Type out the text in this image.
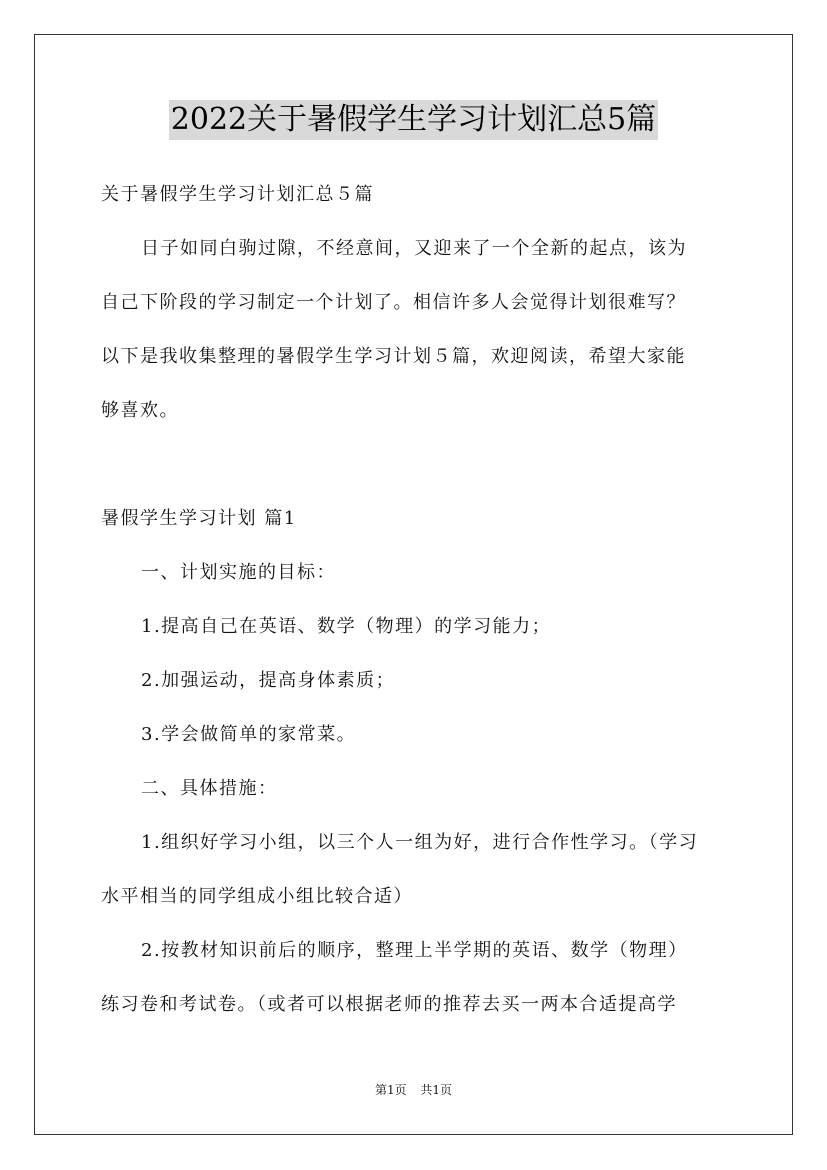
2022关于暑假学生学习计划汇总5篇
关于暑假学生学习计划汇总５篇
日子如同白驹过隙，不经意间，又迎来了一个全新的起点，该为
自己下阶段的学习制定一个计划了。相信许多人会觉得计划很难写？
以下是我收集整理的暑假学生学习计划５篇，欢迎阅读，希望大家能
够喜欢。
暑假学生学习计划 篇1
一、计划实施的目标：
1.提高自己在英语、数学（物理）的学习能力；
2.加强运动，提高身体素质；
3.学会做简单的家常菜。
二、具体措施：
1.组织好学习小组，以三个人一组为好，进行合作性学习。（学习
水平相当的同学组成小组比较合适）
2.按教材知识前后的顺序，整理上半学期的英语、数学（物理）
练习卷和考试卷。（或者可以根据老师的推荐去买一两本合适提高学
第1页 共1页
